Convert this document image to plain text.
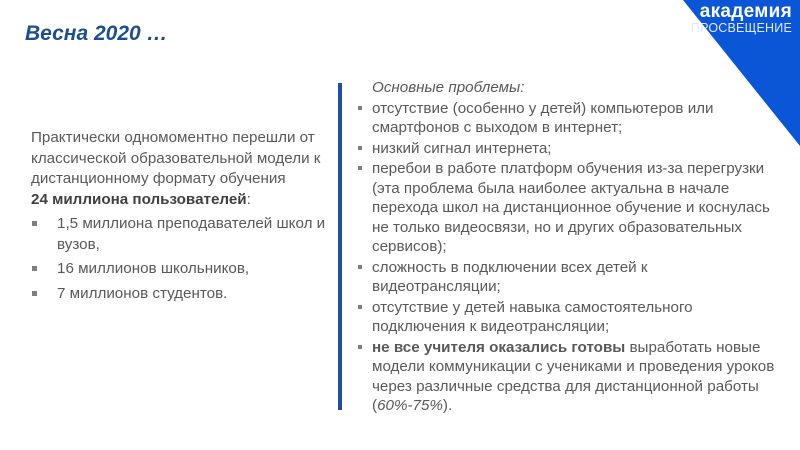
Весна 2020 …
академия
ПРОСВЕЩЕНИЕ

Практически одномоментно перешли от классической образовательной модели к дистанционному формату обучения
24 миллиона пользователей:

1,5 миллиона преподавателей школ и вузов,
16 миллионов школьников,
7 миллионов студентов.
Основные проблемы:
отсутствие (особенно у детей) компьютеров или смартфонов с выходом в интернет;
низкий сигнал интернета;
перебои в работе платформ обучения из-за перегрузки (эта проблема была наиболее актуальна в начале перехода школ на дистанционное обучение и коснулась не только видеосвязи, но и других образовательных сервисов);
сложность в подключении всех детей к видеотрансляции;
отсутствие у детей навыка самостоятельного подключения к видеотрансляции;
не все учителя оказались готовы выработать новые модели коммуникации с учениками и проведения уроков через различные средства для дистанционной работы (60%-75%).
